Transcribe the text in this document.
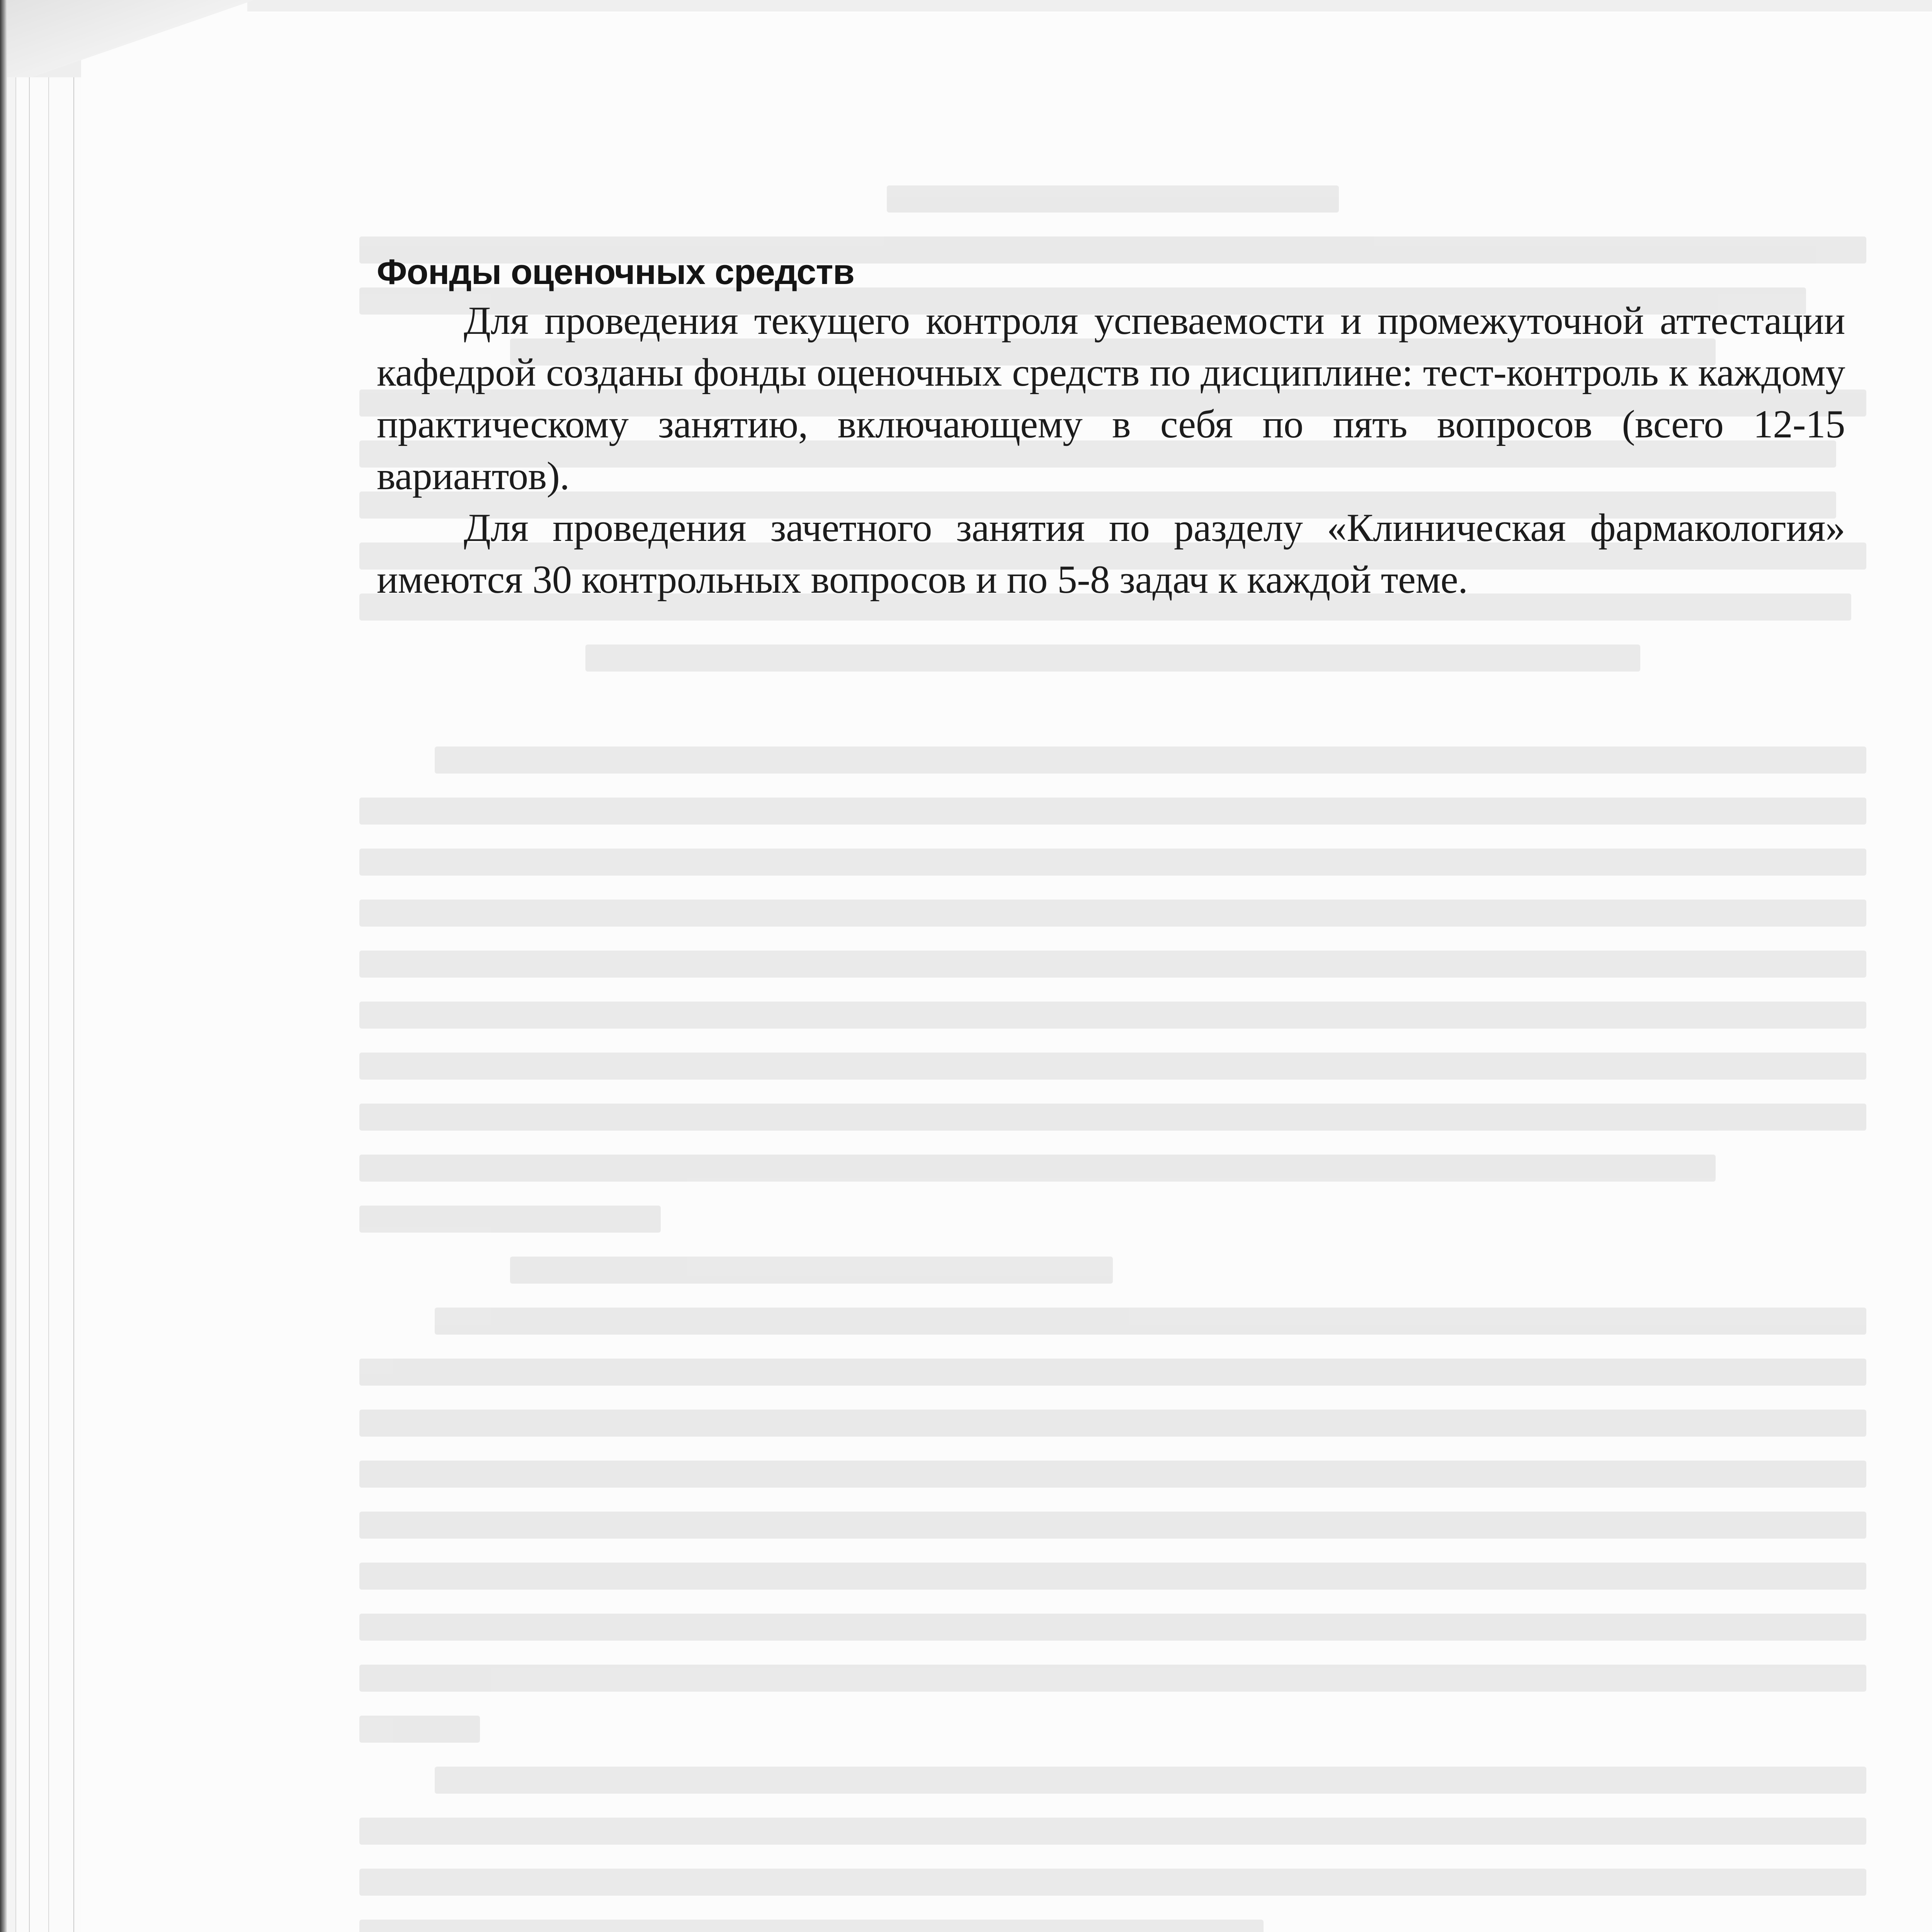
Фонды оценочных средств

Для проведения текущего контроля успеваемости и промежуточной аттестации кафедрой созданы фонды оценочных средств по дисциплине: тест-контроль к каждому практическому занятию, включающему в себя по пять вопросов (всего 12-15 вариантов).

Для проведения зачетного занятия по разделу «Клиническая фармакология» имеются 30 контрольных вопросов и по 5-8 задач к каждой теме.
